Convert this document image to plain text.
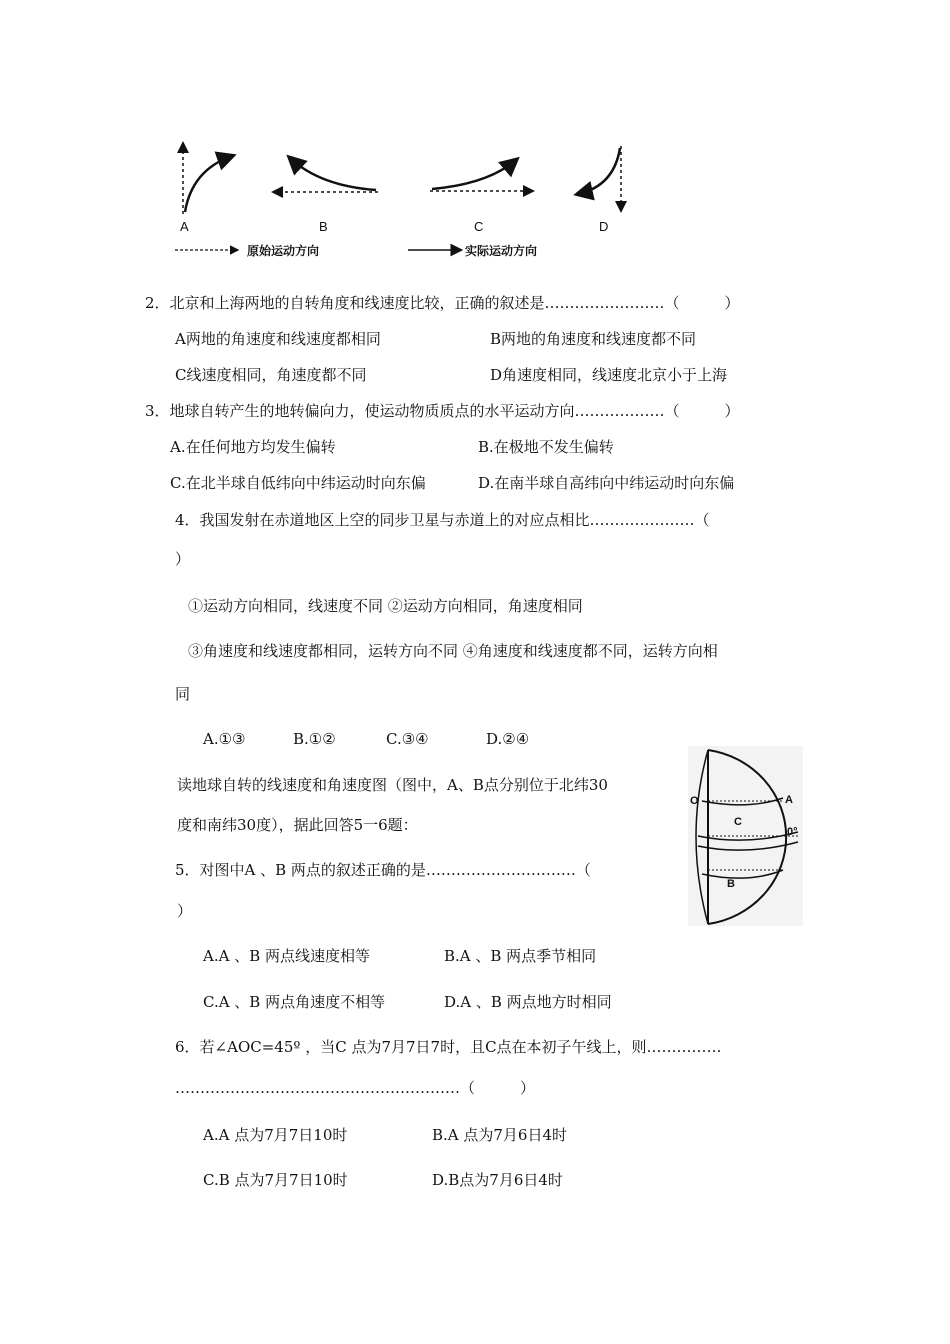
A	B	C	D
原始运动方向	实际运动方向
2．北京和上海两地的自转角度和线速度比较，正确的叙述是……………………（　　　）
A两地的角速度和线速度都相同	B两地的角速度和线速度都不同
C线速度相同，角速度都不同	D角速度相同，线速度北京小于上海
3．地球自转产生的地转偏向力，使运动物质质点的水平运动方向………………（　　　）
A.在任何地方均发生偏转	B.在极地不发生偏转
C.在北半球自低纬向中纬运动时向东偏	D.在南半球自高纬向中纬运动时向东偏
4．我国发射在赤道地区上空的同步卫星与赤道上的对应点相比…………………（
）
①运动方向相同，线速度不同 ②运动方向相同，角速度相同
③角速度和线速度都相同，运转方向不同 ④角速度和线速度都不同，运转方向相
同
A.①③	B.①②	C.③④	D.②④
读地球自转的线速度和角速度图（图中，A、B点分别位于北纬30
度和南纬30度），据此回答5一6题：
O	A
C
0°
B
5．对图中A 、B 两点的叙述正确的是…………………………（
）
A.A 、B 两点线速度相等	B.A 、B 两点季节相同
C.A 、B 两点角速度不相等	D.A 、B 两点地方时相同
6．若∠AOC=45º ，当C 点为7月7日7时，且C点在本初子午线上，则……………
…………………………………………………（　　　）
A.A 点为7月7日10时	B.A 点为7月6日4时
C.B 点为7月7日10时	D.B点为7月6日4时
